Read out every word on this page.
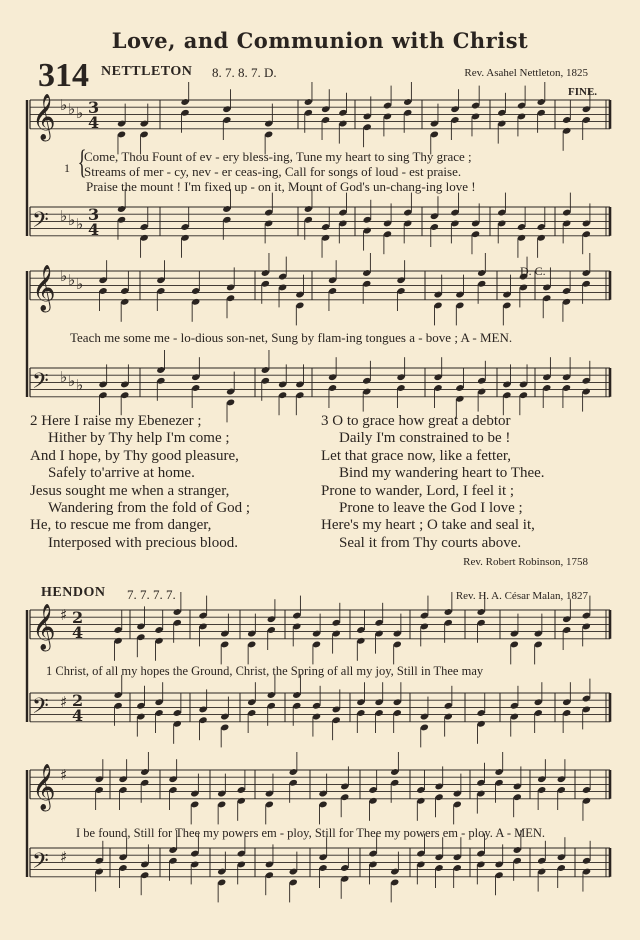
𝄞 ♭ ♭ ♭ 3
4
𝄢 ♭ ♭ ♭ 3
4
𝄞 ♭ ♭ ♭
𝄢 ♭ ♭ ♭
𝄞 ♯ 2
4
𝄢 ♯ 2
4
𝄞 ♯
𝄢 ♯
Love, and Communion with Christ
314 NETTLETON 8. 7. 8. 7. D.	Rev. Asahel Nettleton, 1825
FINE.
1 {
Come, Thou Fount of ev - ery bless-ing, Tune my heart to sing Thy grace ;
Streams of mer - cy, nev - er ceas-ing, Call for songs of loud - est praise.
Praise the mount ! I'm fixed up - on it, Mount of God's un-chang-ing love !
D. C.
Teach me some me - lo-dious son-net, Sung by flam-ing tongues a - bove ; A - MEN.
2 Here I raise my Ebenezer ;
Hither by Thy help I'm come ;
And I hope, by Thy good pleasure,
Safely to'arrive at home.
Jesus sought me when a stranger,
Wandering from the fold of God ;
He, to rescue me from danger,
Interposed with precious blood.
3 O to grace how great a debtor
Daily I'm constrained to be !
Let that grace now, like a fetter,
Bind my wandering heart to Thee.
Prone to wander, Lord, I feel it ;
Prone to leave the God I love ;
Here's my heart ; O take and seal it,
Seal it from Thy courts above.
Rev. Robert Robinson, 1758
HENDON 7. 7. 7. 7.	Rev. H. A. César Malan, 1827
1 Christ, of all my hopes the Ground, Christ, the Spring of all my joy, Still in Thee may
I be found, Still for Thee my powers em - ploy, Still for Thee my powers em - ploy. A - MEN.
